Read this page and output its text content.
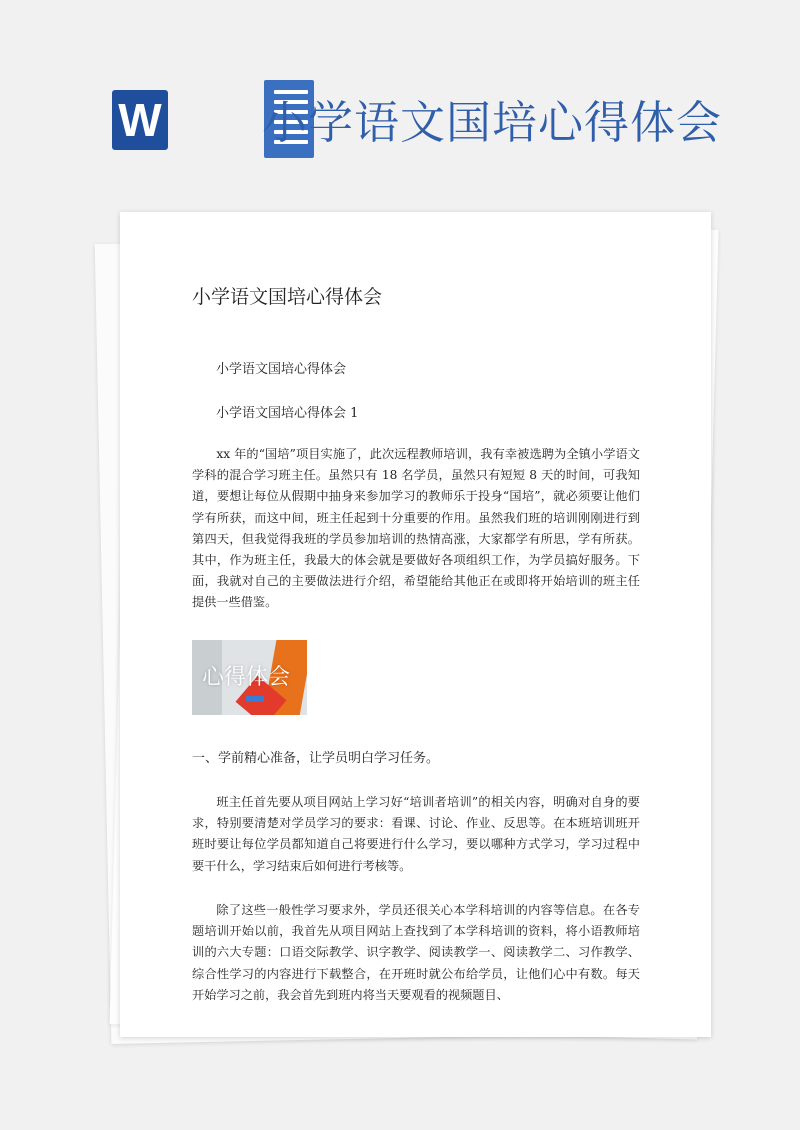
W 小学语文国培心得体会
小学语文国培心得体会
小学语文国培心得体会
小学语文国培心得体会 1
xx 年的“国培”项目实施了，此次远程教师培训，我有幸被选聘为全镇小学语文学科的混合学习班主任。虽然只有 18 名学员，虽然只有短短 8 天的时间，可我知道，要想让每位从假期中抽身来参加学习的教师乐于投身“国培”，就必须要让他们学有所获，而这中间，班主任起到十分重要的作用。虽然我们班的培训刚刚进行到第四天，但我觉得我班的学员参加培训的热情高涨，大家都学有所思，学有所获。其中，作为班主任，我最大的体会就是要做好各项组织工作，为学员搞好服务。下面，我就对自己的主要做法进行介绍，希望能给其他正在或即将开始培训的班主任提供一些借鉴。
心得体会
一、学前精心准备，让学员明白学习任务。
班主任首先要从项目网站上学习好“培训者培训”的相关内容，明确对自身的要求，特别要清楚对学员学习的要求：看课、讨论、作业、反思等。在本班培训班开班时要让每位学员都知道自己将要进行什么学习，要以哪种方式学习，学习过程中要干什么，学习结束后如何进行考核等。
除了这些一般性学习要求外，学员还很关心本学科培训的内容等信息。在各专题培训开始以前，我首先从项目网站上查找到了本学科培训的资料，将小语教师培训的六大专题：口语交际教学、识字教学、阅读教学一、阅读教学二、习作教学、综合性学习的内容进行下载整合，在开班时就公布给学员，让他们心中有数。每天开始学习之前，我会首先到班内将当天要观看的视频题目、
